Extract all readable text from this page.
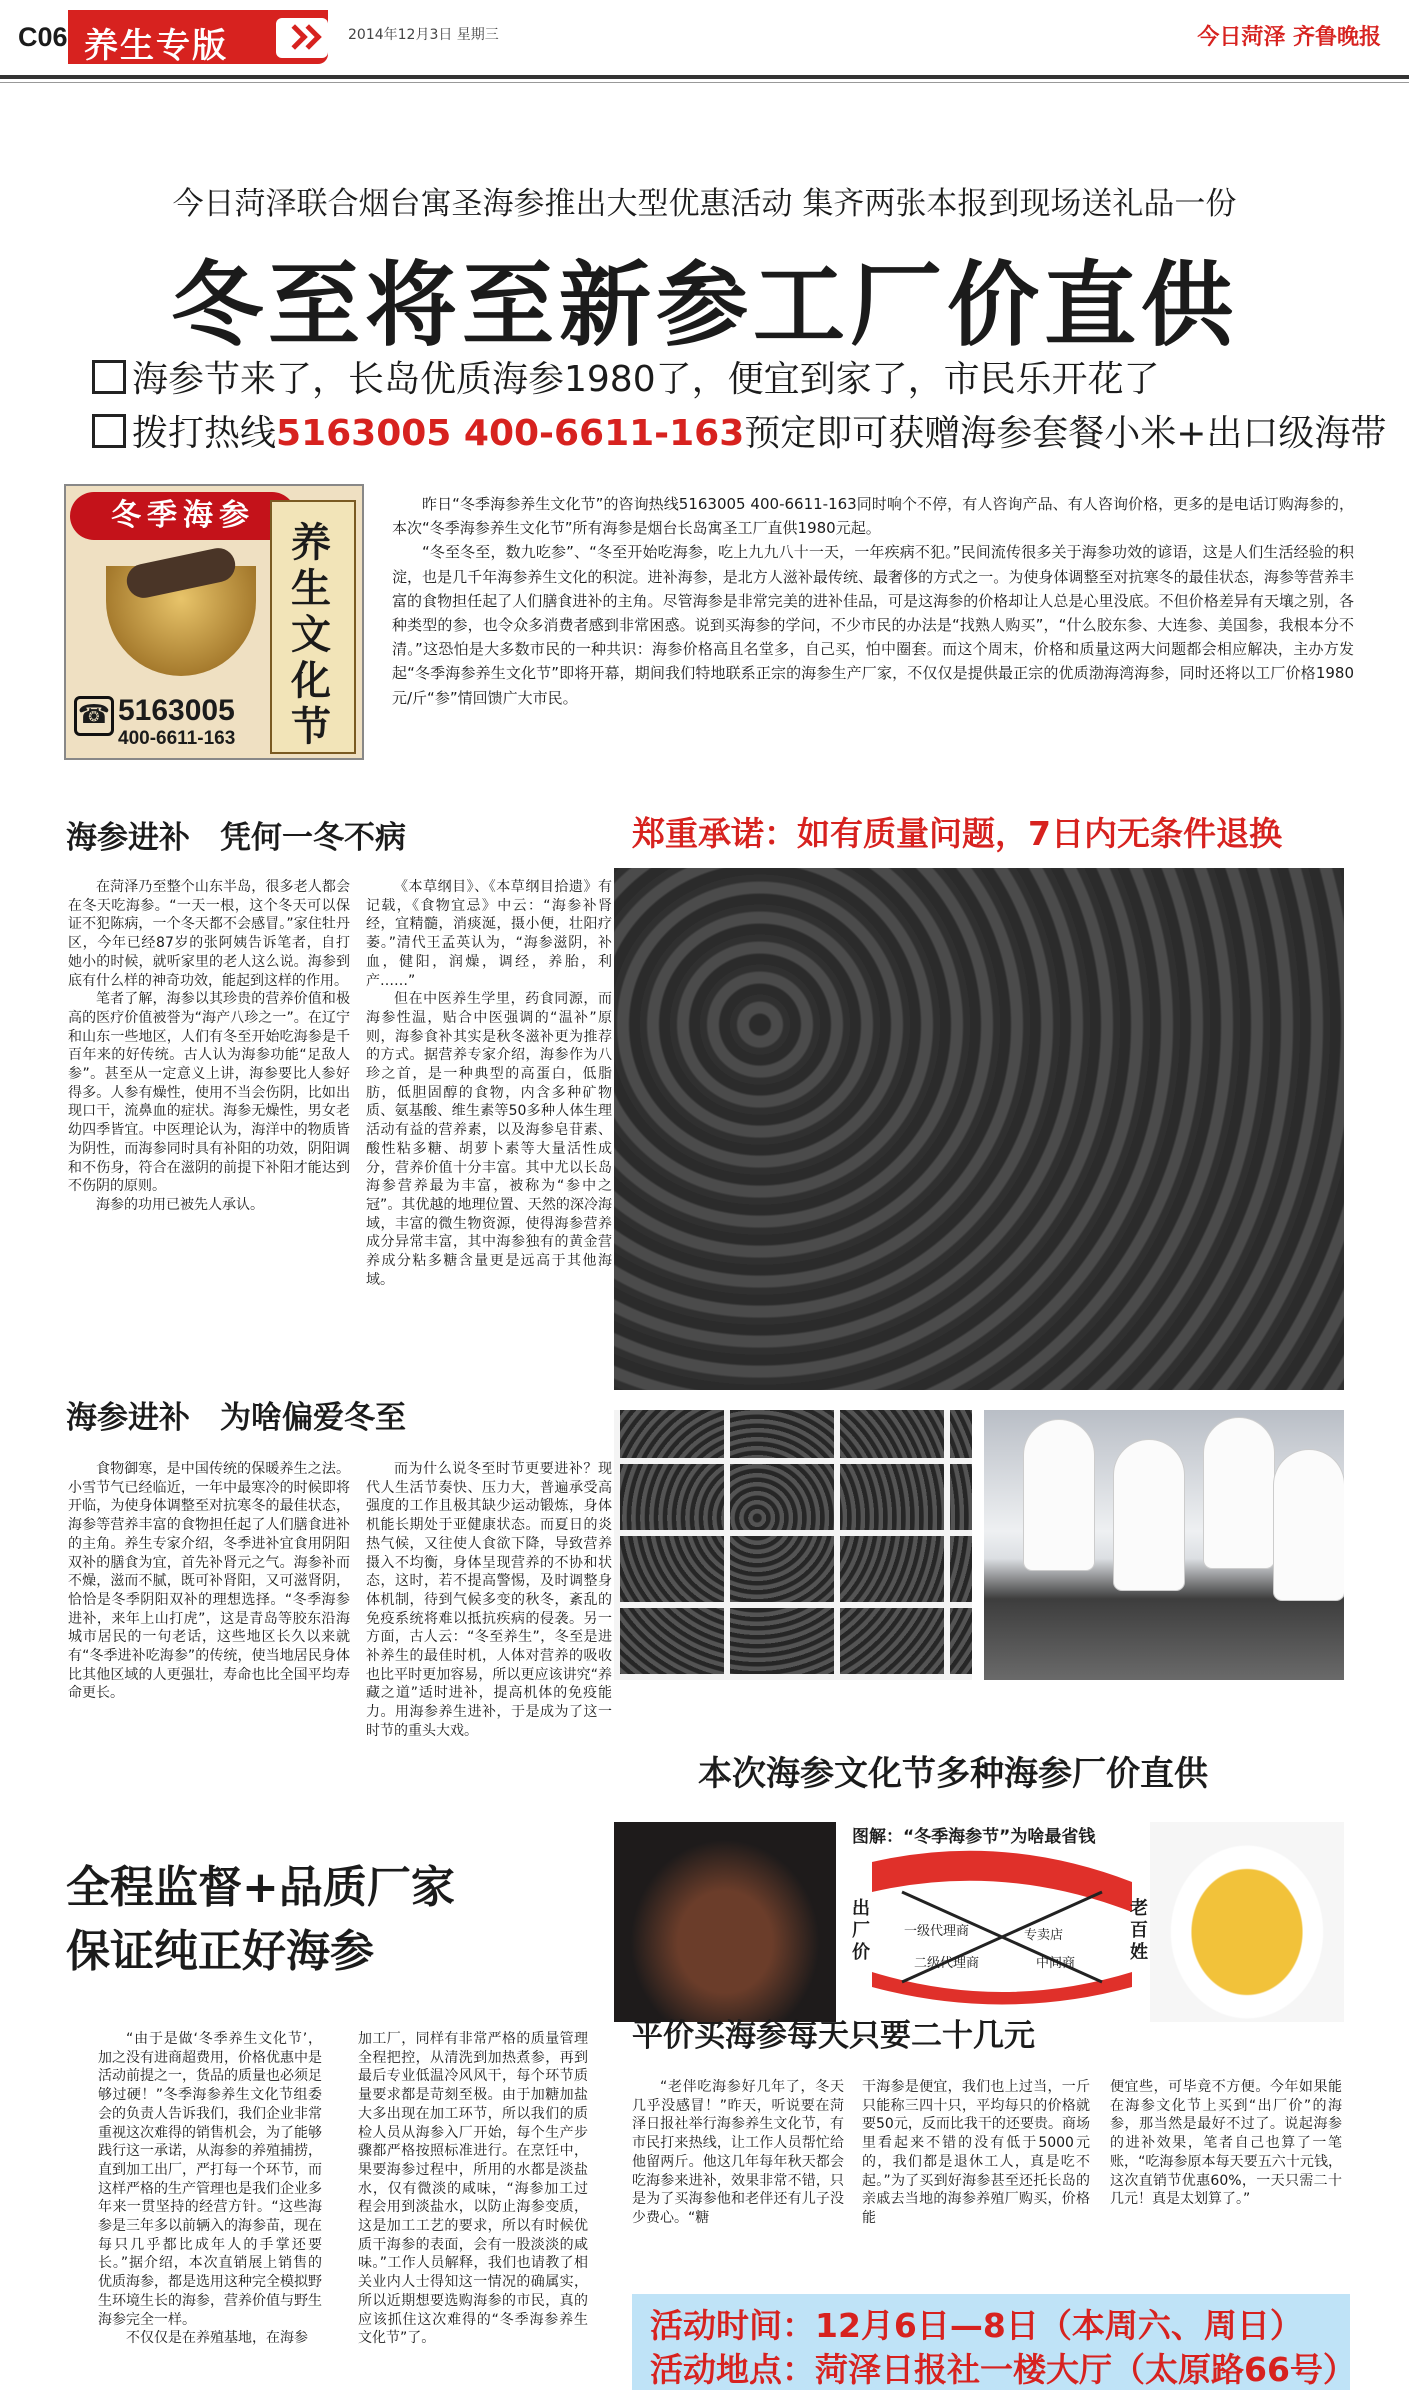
C06 养生专版	2014年12月3日 星期三	今日菏泽 齐鲁晚报
今日菏泽联合烟台寓圣海参推出大型优惠活动 集齐两张本报到现场送礼品一份
冬至将至新参工厂价直供
海参节来了，长岛优质海参1980了，便宜到家了，市民乐开花了
拨打热线5163005 400-6611-163预定即可获赠海参套餐小米+出口级海带
冬季海参
养生文化节
☎ 5163005
400-6611-163

昨日“冬季海参养生文化节”的咨询热线5163005 400-6611-163同时响个不停，有人咨询产品、有人咨询价格，更多的是电话订购海参的，本次“冬季海参养生文化节”所有海参是烟台长岛寓圣工厂直供1980元起。

“冬至冬至，数九吃参”、“冬至开始吃海参，吃上九九八十一天，一年疾病不犯。”民间流传很多关于海参功效的谚语，这是人们生活经验的积淀，也是几千年海参养生文化的积淀。进补海参，是北方人滋补最传统、最奢侈的方式之一。为使身体调整至对抗寒冬的最佳状态，海参等营养丰富的食物担任起了人们膳食进补的主角。尽管海参是非常完美的进补佳品，可是这海参的价格却让人总是心里没底。不但价格差异有天壤之别，各种类型的参，也令众多消费者感到非常困惑。说到买海参的学问，不少市民的办法是“找熟人购买”，“什么胶东参、大连参、美国参，我根本分不清。”这恐怕是大多数市民的一种共识：海参价格高且名堂多，自己买，怕中圈套。而这个周末，价格和质量这两大问题都会相应解决，主办方发起“冬季海参养生文化节”即将开幕，期间我们特地联系正宗的海参生产厂家，不仅仅是提供最正宗的优质渤海湾海参，同时还将以工厂价格1980元/斤“参”情回馈广大市民。

海参进补 凭何一冬不病

在菏泽乃至整个山东半岛，很多老人都会在冬天吃海参。“一天一根，这个冬天可以保证不犯陈病，一个冬天都不会感冒。”家住牡丹区，今年已经87岁的张阿姨告诉笔者，自打她小的时候，就听家里的老人这么说。海参到底有什么样的神奇功效，能起到这样的作用。

笔者了解，海参以其珍贵的营养价值和极高的医疗价值被誉为“海产八珍之一”。在辽宁和山东一些地区，人们有冬至开始吃海参是千百年来的好传统。古人认为海参功能“足敌人参”。甚至从一定意义上讲，海参要比人参好得多。人参有燥性，使用不当会伤阴，比如出现口干，流鼻血的症状。海参无燥性，男女老幼四季皆宜。中医理论认为，海洋中的物质皆为阴性，而海参同时具有补阳的功效，阴阳调和不伤身，符合在滋阴的前提下补阳才能达到不伤阴的原则。

海参的功用已被先人承认。

《本草纲目》、《本草纲目拾遗》有记载，《食物宜忌》中云：“海参补肾经，宜精髓，消痰涎，摄小便，壮阳疗萎。”清代王孟英认为，“海参滋阴，补血，健阳，润燥，调经，养胎，利产……”

但在中医养生学里，药食同源，而海参性温，贴合中医强调的“温补”原则，海参食补其实是秋冬滋补更为推荐的方式。据营养专家介绍，海参作为八珍之首，是一种典型的高蛋白，低脂肪，低胆固醇的食物，内含多种矿物质、氨基酸、维生素等50多种人体生理活动有益的营养素，以及海参皂苷素、酸性粘多糖、胡萝卜素等大量活性成分，营养价值十分丰富。其中尤以长岛海参营养最为丰富，被称为“参中之冠”。其优越的地理位置、天然的深冷海域，丰富的微生物资源，使得海参营养成分异常丰富，其中海参独有的黄金营养成分粘多糖含量更是远高于其他海域。

海参进补 为啥偏爱冬至

食物御寒，是中国传统的保暖养生之法。小雪节气已经临近，一年中最寒冷的时候即将开临，为使身体调整至对抗寒冬的最佳状态，海参等营养丰富的食物担任起了人们膳食进补的主角。养生专家介绍，冬季进补宜食用阴阳双补的膳食为宜，首先补肾元之气。海参补而不燥，滋而不腻，既可补肾阳，又可滋肾阴，恰恰是冬季阴阳双补的理想选择。“冬季海参进补，来年上山打虎”，这是青岛等胶东沿海城市居民的一句老话，这些地区长久以来就有“冬季进补吃海参”的传统，使当地居民身体比其他区域的人更强壮，寿命也比全国平均寿命更长。

而为什么说冬至时节更要进补？现代人生活节奏快、压力大，普遍承受高强度的工作且极其缺少运动锻炼，身体机能长期处于亚健康状态。而夏日的炎热气候，又往使人食欲下降，导致营养摄入不均衡，身体呈现营养的不协和状态，这时，若不提高警惕，及时调整身体机制，待到气候多变的秋冬，紊乱的免疫系统将难以抵抗疾病的侵袭。另一方面，古人云：“冬至养生”，冬至是进补养生的最佳时机，人体对营养的吸收也比平时更加容易，所以更应该讲究“养藏之道”适时进补，提高机体的免疫能力。用海参养生进补，于是成为了这一时节的重头大戏。

郑重承诺：如有质量问题，7日内无条件退换
本次海参文化节多种海参厂价直供
图解：“冬季海参节”为啥最省钱
出厂价
老百姓
一级代理商	专卖店
二级代理商	中间商
全程监督+品质厂家
保证纯正好海参

“由于是做‘冬季养生文化节’，加之没有进商超费用，价格优惠中是活动前提之一，货品的质量也必须足够过硬！”冬季海参养生文化节组委会的负责人告诉我们，我们企业非常重视这次难得的销售机会，为了能够践行这一承诺，从海参的养殖捕捞，直到加工出厂，严打每一个环节，而这样严格的生产管理也是我们企业多年来一贯坚持的经营方针。“这些海参是三年多以前辆入的海参苗，现在每只几乎都比成年人的手掌还要长。”据介绍，本次直销展上销售的优质海参，都是选用这种完全模拟野生环境生长的海参，营养价值与野生海参完全一样。

不仅仅是在养殖基地，在海参

加工厂，同样有非常严格的质量管理全程把控，从清洗到加热煮参，再到最后专业低温冷风风干，每个环节质量要求都是苛刻至极。由于加糖加盐大多出现在加工环节，所以我们的质检人员从海参入厂开始，每个生产步骤都严格按照标准进行。在烹饪中，果要海参过程中，所用的水都是淡盐水，仅有微淡的咸味，“海参加工过程会用到淡盐水，以防止海参变质，这是加工工艺的要求，所以有时候优质干海参的表面，会有一股淡淡的咸味。”工作人员解释，我们也请教了相关业内人士得知这一情况的确属实，所以近期想要选购海参的市民，真的应该抓住这次难得的“冬季海参养生文化节”了。

平价买海参每天只要二十几元

“老伴吃海参好几年了，冬天几乎没感冒！”昨天，听说要在菏泽日报社举行海参养生文化节，有市民打来热线，让工作人员帮忙给他留两斤。他这几年每年秋天都会吃海参来进补，效果非常不错，只是为了买海参他和老伴还有儿子没少费心。“糖

干海参是便宜，我们也上过当，一斤只能称三四十只，平均每只的价格就要50元，反而比我干的还要贵。商场里看起来不错的没有低于5000元的，我们都是退休工人，真是吃不起。”为了买到好海参甚至还托长岛的亲戚去当地的海参养殖厂购买，价格能

便宜些，可毕竟不方便。今年如果能在海参文化节上买到“出厂价”的海参，那当然是最好不过了。说起海参的进补效果，笔者自己也算了一笔账，“吃海参原本每天要五六十元钱，这次直销节优惠60%，一天只需二十几元！真是太划算了。”

活动时间：12月6日—8日（本周六、周日）
活动地点：菏泽日报社一楼大厅（太原路66号）
